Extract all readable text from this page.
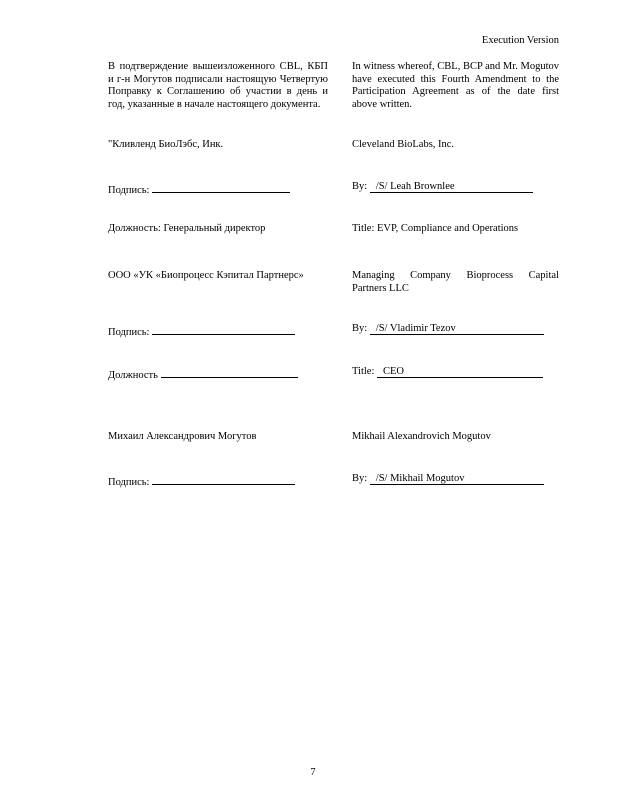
Execution Version
В подтверждение вышеизложенного CBL, КБП и г-н Могутов подписали настоящую Четвертую Поправку к Соглашению об участии в день и год, указанные в начале настоящего документа.
In witness whereof, CBL, BCP and Mr. Mogutov have executed this Fourth Amendment to the Participation Agreement as of the date first above written.
"Кливленд БиоЛэбс, Инк.	Cleveland BioLabs, Inc.
Подпись:	By: /S/ Leah Brownlee
Должность: Генеральный директор	Title: EVP, Compliance and Operations
ООО «УК «Биопроцесс Кэпитал Партнерс»	Managing Company Bioprocess Capital
Partners LLC
Подпись:	By: /S/ Vladimir Tezov
Должность	Title: CEO
Михаил Александрович Могутов	Mikhail Alexandrovich Mogutov
Подпись:	By: /S/ Mikhail Mogutov
7
